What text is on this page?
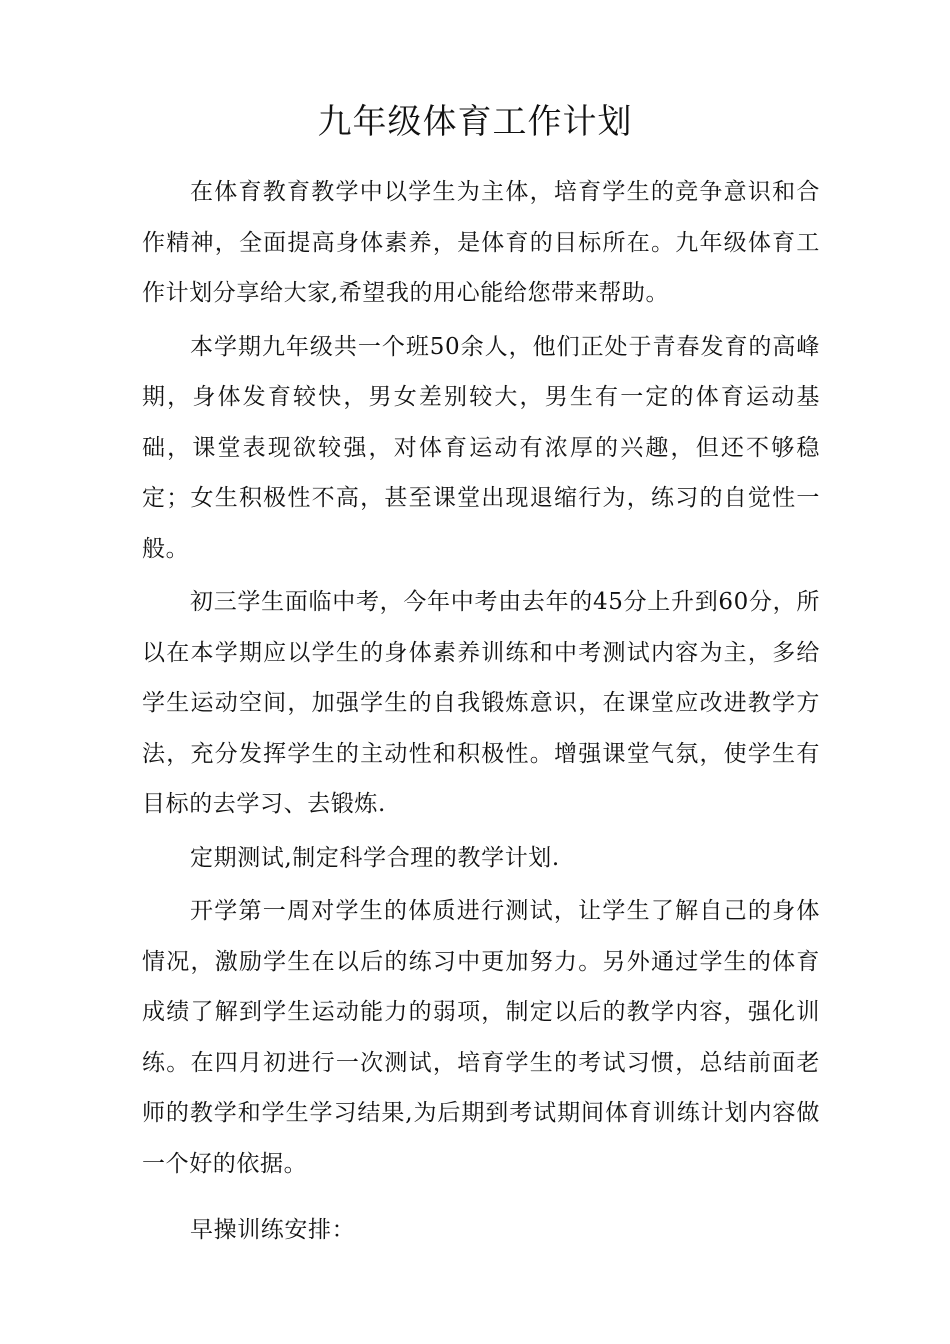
九年级体育工作计划

在体育教育教学中以学生为主体，培育学生的竞争意识和合作精神，全面提高身体素养，是体育的目标所在。九年级体育工作计划分享给大家,希望我的用心能给您带来帮助。

本学期九年级共一个班50余人，他们正处于青春发育的高峰期，身体发育较快，男女差别较大，男生有一定的体育运动基础，课堂表现欲较强，对体育运动有浓厚的兴趣，但还不够稳定；女生积极性不高，甚至课堂出现退缩行为，练习的自觉性一般。

初三学生面临中考，今年中考由去年的45分上升到60分，所以在本学期应以学生的身体素养训练和中考测试内容为主，多给学生运动空间，加强学生的自我锻炼意识，在课堂应改进教学方法，充分发挥学生的主动性和积极性。增强课堂气氛，使学生有目标的去学习、去锻炼.

定期测试,制定科学合理的教学计划.

开学第一周对学生的体质进行测试，让学生了解自己的身体情况，激励学生在以后的练习中更加努力。另外通过学生的体育成绩了解到学生运动能力的弱项，制定以后的教学内容，强化训练。在四月初进行一次测试，培育学生的考试习惯，总结前面老师的教学和学生学习结果,为后期到考试期间体育训练计划内容做一个好的依据。

早操训练安排：
